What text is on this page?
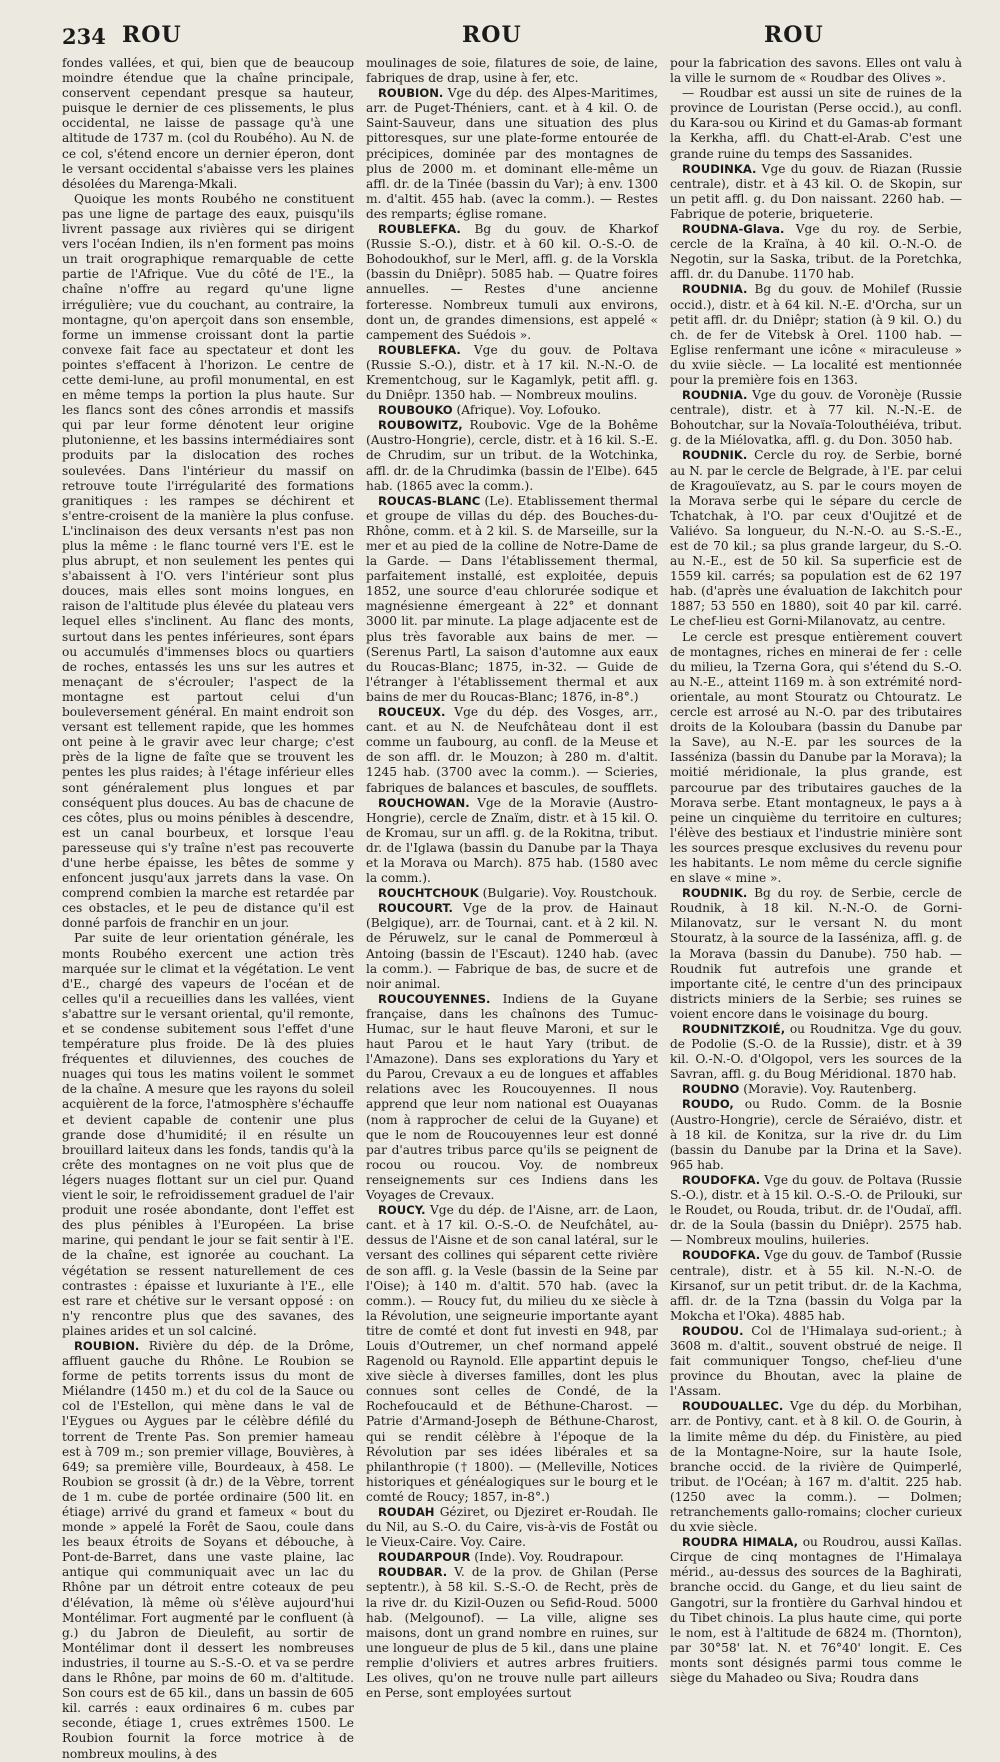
234 ROU	ROU	ROU

fondes vallées, et qui, bien que de beaucoup moindre étendue que la chaîne principale, conservent cependant presque sa hauteur, puisque le dernier de ces plissements, le plus occidental, ne laisse de passage qu'à une altitude de 1737 m. (col du Roubého). Au N. de ce col, s'étend encore un dernier éperon, dont le versant occidental s'abaisse vers les plaines désolées du Marenga-Mkali.

Quoique les monts Roubého ne constituent pas une ligne de partage des eaux, puisqu'ils livrent passage aux rivières qui se dirigent vers l'océan Indien, ils n'en forment pas moins un trait orographique remarquable de cette partie de l'Afrique. Vue du côté de l'E., la chaîne n'offre au regard qu'une ligne irrégulière; vue du couchant, au contraire, la montagne, qu'on aperçoit dans son ensemble, forme un immense croissant dont la partie convexe fait face au spectateur et dont les pointes s'effacent à l'horizon. Le centre de cette demi-lune, au profil monumental, en est en même temps la portion la plus haute. Sur les flancs sont des cônes arrondis et massifs qui par leur forme dénotent leur origine plutonienne, et les bassins intermédiaires sont produits par la dislocation des roches soulevées. Dans l'intérieur du massif on retrouve toute l'irrégularité des formations granitiques : les rampes se déchirent et s'entre-croisent de la manière la plus confuse. L'inclinaison des deux versants n'est pas non plus la même : le flanc tourné vers l'E. est le plus abrupt, et non seulement les pentes qui s'abaissent à l'O. vers l'intérieur sont plus douces, mais elles sont moins longues, en raison de l'altitude plus élevée du plateau vers lequel elles s'inclinent. Au flanc des monts, surtout dans les pentes inférieures, sont épars ou accumulés d'immenses blocs ou quartiers de roches, entassés les uns sur les autres et menaçant de s'écrouler; l'aspect de la montagne est partout celui d'un bouleversement général. En maint endroit son versant est tellement rapide, que les hommes ont peine à le gravir avec leur charge; c'est près de la ligne de faîte que se trouvent les pentes les plus raides; à l'étage inférieur elles sont généralement plus longues et par conséquent plus douces. Au bas de chacune de ces côtes, plus ou moins pénibles à descendre, est un canal bourbeux, et lorsque l'eau paresseuse qui s'y traîne n'est pas recouverte d'une herbe épaisse, les bêtes de somme y enfoncent jusqu'aux jarrets dans la vase. On comprend combien la marche est retardée par ces obstacles, et le peu de distance qu'il est donné parfois de franchir en un jour.

Par suite de leur orientation générale, les monts Roubého exercent une action très marquée sur le climat et la végétation. Le vent d'E., chargé des vapeurs de l'océan et de celles qu'il a recueillies dans les vallées, vient s'abattre sur le versant oriental, qu'il remonte, et se condense subitement sous l'effet d'une température plus froide. De là des pluies fréquentes et diluviennes, des couches de nuages qui tous les matins voilent le sommet de la chaîne. A mesure que les rayons du soleil acquièrent de la force, l'atmosphère s'échauffe et devient capable de contenir une plus grande dose d'humidité; il en résulte un brouillard laiteux dans les fonds, tandis qu'à la crête des montagnes on ne voit plus que de légers nuages flottant sur un ciel pur. Quand vient le soir, le refroidissement graduel de l'air produit une rosée abondante, dont l'effet est des plus pénibles à l'Européen. La brise marine, qui pendant le jour se fait sentir à l'E. de la chaîne, est ignorée au couchant. La végétation se ressent naturellement de ces contrastes : épaisse et luxuriante à l'E., elle est rare et chétive sur le versant opposé : on n'y rencontre plus que des savanes, des plaines arides et un sol calciné.

ROUBION. Rivière du dép. de la Drôme, affluent gauche du Rhône. Le Roubion se forme de petits torrents issus du mont de Miélandre (1450 m.) et du col de la Sauce ou col de l'Estellon, qui mène dans le val de l'Eygues ou Aygues par le célèbre défilé du torrent de Trente Pas. Son premier hameau est à 709 m.; son premier village, Bouvières, à 649; sa première ville, Bourdeaux, à 458. Le Roubion se grossit (à dr.) de la Vèbre, torrent de 1 m. cube de portée ordinaire (500 lit. en étiage) arrivé du grand et fameux « bout du monde » appelé la Forêt de Saou, coule dans les beaux étroits de Soyans et débouche, à Pont-de-Barret, dans une vaste plaine, lac antique qui communiquait avec un lac du Rhône par un détroit entre coteaux de peu d'élévation, là même où s'élève aujourd'hui Montélimar. Fort augmenté par le confluent (à g.) du Jabron de Dieulefit, au sortir de Montélimar dont il dessert les nombreuses industries, il tourne au S.-S.-O. et va se perdre dans le Rhône, par moins de 60 m. d'altitude. Son cours est de 65 kil., dans un bassin de 605 kil. carrés : eaux ordinaires 6 m. cubes par seconde, étiage 1, crues extrêmes 1500. Le Roubion fournit la force motrice à de nombreux moulins, à des

moulinages de soie, filatures de soie, de laine, fabriques de drap, usine à fer, etc.

ROUBION. Vge du dép. des Alpes-Maritimes, arr. de Puget-Théniers, cant. et à 4 kil. O. de Saint-Sauveur, dans une situation des plus pittoresques, sur une plate-forme entourée de précipices, dominée par des montagnes de plus de 2000 m. et dominant elle-même un affl. dr. de la Tinée (bassin du Var); à env. 1300 m. d'altit. 455 hab. (avec la comm.). — Restes des remparts; église romane.

ROUBLEFKA. Bg du gouv. de Kharkof (Russie S.-O.), distr. et à 60 kil. O.-S.-O. de Bohodoukhof, sur le Merl, affl. g. de la Vorskla (bassin du Dniêpr). 5085 hab. — Quatre foires annuelles. — Restes d'une ancienne forteresse. Nombreux tumuli aux environs, dont un, de grandes dimensions, est appelé « campement des Suédois ».

ROUBLEFKA. Vge du gouv. de Poltava (Russie S.-O.), distr. et à 17 kil. N.-N.-O. de Krementchoug, sur le Kagamlyk, petit affl. g. du Dniêpr. 1350 hab. — Nombreux moulins.

ROUBOUKO (Afrique). Voy. Lofouko.

ROUBOWITZ, Roubovic. Vge de la Bohême (Austro-Hongrie), cercle, distr. et à 16 kil. S.-E. de Chrudim, sur un tribut. de la Wotchinka, affl. dr. de la Chrudimka (bassin de l'Elbe). 645 hab. (1865 avec la comm.).

ROUCAS-BLANC (Le). Etablissement thermal et groupe de villas du dép. des Bouches-du-Rhône, comm. et à 2 kil. S. de Marseille, sur la mer et au pied de la colline de Notre-Dame de la Garde. — Dans l'établissement thermal, parfaitement installé, est exploitée, depuis 1852, une source d'eau chlorurée sodique et magnésienne émergeant à 22° et donnant 3000 lit. par minute. La plage adjacente est de plus très favorable aux bains de mer. — (Serenus Partl, La saison d'automne aux eaux du Roucas-Blanc; 1875, in-32. — Guide de l'étranger à l'établissement thermal et aux bains de mer du Roucas-Blanc; 1876, in-8°.)

ROUCEUX. Vge du dép. des Vosges, arr., cant. et au N. de Neufchâteau dont il est comme un faubourg, au confl. de la Meuse et de son affl. dr. le Mouzon; à 280 m. d'altit. 1245 hab. (3700 avec la comm.). — Scieries, fabriques de balances et bascules, de soufflets.

ROUCHOWAN. Vge de la Moravie (Austro-Hongrie), cercle de Znaïm, distr. et à 15 kil. O. de Kromau, sur un affl. g. de la Rokitna, tribut. dr. de l'Iglawa (bassin du Danube par la Thaya et la Morava ou March). 875 hab. (1580 avec la comm.).

ROUCHTCHOUK (Bulgarie). Voy. Roustchouk.

ROUCOURT. Vge de la prov. de Hainaut (Belgique), arr. de Tournai, cant. et à 2 kil. N. de Péruwelz, sur le canal de Pommerœul à Antoing (bassin de l'Escaut). 1240 hab. (avec la comm.). — Fabrique de bas, de sucre et de noir animal.

ROUCOUYENNES. Indiens de la Guyane française, dans les chaînons des Tumuc-Humac, sur le haut fleuve Maroni, et sur le haut Parou et le haut Yary (tribut. de l'Amazone). Dans ses explorations du Yary et du Parou, Crevaux a eu de longues et affables relations avec les Roucouyennes. Il nous apprend que leur nom national est Ouayanas (nom à rapprocher de celui de la Guyane) et que le nom de Roucouyennes leur est donné par d'autres tribus parce qu'ils se peignent de rocou ou roucou. Voy. de nombreux renseignements sur ces Indiens dans les Voyages de Crevaux.

ROUCY. Vge du dép. de l'Aisne, arr. de Laon, cant. et à 17 kil. O.-S.-O. de Neufchâtel, au-dessus de l'Aisne et de son canal latéral, sur le versant des collines qui séparent cette rivière de son affl. g. la Vesle (bassin de la Seine par l'Oise); à 140 m. d'altit. 570 hab. (avec la comm.). — Roucy fut, du milieu du xe siècle à la Révolution, une seigneurie importante ayant titre de comté et dont fut investi en 948, par Louis d'Outremer, un chef normand appelé Ragenold ou Raynold. Elle appartint depuis le xive siècle à diverses familles, dont les plus connues sont celles de Condé, de la Rochefoucauld et de Béthune-Charost. — Patrie d'Armand-Joseph de Béthune-Charost, qui se rendit célèbre à l'époque de la Révolution par ses idées libérales et sa philanthropie († 1800). — (Melleville, Notices historiques et généalogiques sur le bourg et le comté de Roucy; 1857, in-8°.)

ROUDAH Géziret, ou Djeziret er-Roudah. Ile du Nil, au S.-O. du Caire, vis-à-vis de Fostât ou le Vieux-Caire. Voy. Caire.

ROUDARPOUR (Inde). Voy. Roudrapour.

ROUDBAR. V. de la prov. de Ghilan (Perse septentr.), à 58 kil. S.-S.-O. de Recht, près de la rive dr. du Kizil-Ouzen ou Sefid-Roud. 5000 hab. (Melgounof). — La ville, aligne ses maisons, dont un grand nombre en ruines, sur une longueur de plus de 5 kil., dans une plaine remplie d'oliviers et autres arbres fruitiers. Les olives, qu'on ne trouve nulle part ailleurs en Perse, sont employées surtout

pour la fabrication des savons. Elles ont valu à la ville le surnom de « Roudbar des Olives ».

— Roudbar est aussi un site de ruines de la province de Louristan (Perse occid.), au confl. du Kara-sou ou Kirind et du Gamas-ab formant la Kerkha, affl. du Chatt-el-Arab. C'est une grande ruine du temps des Sassanides.

ROUDINKA. Vge du gouv. de Riazan (Russie centrale), distr. et à 43 kil. O. de Skopin, sur un petit affl. g. du Don naissant. 2260 hab. — Fabrique de poterie, briqueterie.

ROUDNA-Glava. Vge du roy. de Serbie, cercle de la Kraïna, à 40 kil. O.-N.-O. de Negotin, sur la Saska, tribut. de la Poretchka, affl. dr. du Danube. 1170 hab.

ROUDNIA. Bg du gouv. de Mohilef (Russie occid.), distr. et à 64 kil. N.-E. d'Orcha, sur un petit affl. dr. du Dniêpr; station (à 9 kil. O.) du ch. de fer de Vitebsk à Orel. 1100 hab. — Eglise renfermant une icône « miraculeuse » du xviie siècle. — La localité est mentionnée pour la première fois en 1363.

ROUDNIA. Vge du gouv. de Voronèje (Russie centrale), distr. et à 77 kil. N.-N.-E. de Bohoutchar, sur la Novaïa-Tolouthéiéva, tribut. g. de la Miélovatka, affl. g. du Don. 3050 hab.

ROUDNIK. Cercle du roy. de Serbie, borné au N. par le cercle de Belgrade, à l'E. par celui de Kragouïevatz, au S. par le cours moyen de la Morava serbe qui le sépare du cercle de Tchatchak, à l'O. par ceux d'Oujitzé et de Valiévo. Sa longueur, du N.-N.-O. au S.-S.-E., est de 70 kil.; sa plus grande largeur, du S.-O. au N.-E., est de 50 kil. Sa superficie est de 1559 kil. carrés; sa population est de 62 197 hab. (d'après une évaluation de Iakchitch pour 1887; 53 550 en 1880), soit 40 par kil. carré. Le chef-lieu est Gorni-Milanovatz, au centre.

Le cercle est presque entièrement couvert de montagnes, riches en minerai de fer : celle du milieu, la Tzerna Gora, qui s'étend du S.-O. au N.-E., atteint 1169 m. à son extrémité nord-orientale, au mont Stouratz ou Chtouratz. Le cercle est arrosé au N.-O. par des tributaires droits de la Koloubara (bassin du Danube par la Save), au N.-E. par les sources de la Iasséniza (bassin du Danube par la Morava); la moitié méridionale, la plus grande, est parcourue par des tributaires gauches de la Morava serbe. Etant montagneux, le pays a à peine un cinquième du territoire en cultures; l'élève des bestiaux et l'industrie minière sont les sources presque exclusives du revenu pour les habitants. Le nom même du cercle signifie en slave « mine ».

ROUDNIK. Bg du roy. de Serbie, cercle de Roudnik, à 18 kil. N.-N.-O. de Gorni-Milanovatz, sur le versant N. du mont Stouratz, à la source de la Iasséniza, affl. g. de la Morava (bassin du Danube). 750 hab. — Roudnik fut autrefois une grande et importante cité, le centre d'un des principaux districts miniers de la Serbie; ses ruines se voient encore dans le voisinage du bourg.

ROUDNITZKOIÉ, ou Roudnitza. Vge du gouv. de Podolie (S.-O. de la Russie), distr. et à 39 kil. O.-N.-O. d'Olgopol, vers les sources de la Savran, affl. g. du Boug Méridional. 1870 hab.

ROUDNO (Moravie). Voy. Rautenberg.

ROUDO, ou Rudo. Comm. de la Bosnie (Austro-Hongrie), cercle de Séraiévo, distr. et à 18 kil. de Konitza, sur la rive dr. du Lim (bassin du Danube par la Drina et la Save). 965 hab.

ROUDOFKA. Vge du gouv. de Poltava (Russie S.-O.), distr. et à 15 kil. O.-S.-O. de Prilouki, sur le Roudet, ou Rouda, tribut. dr. de l'Oudaï, affl. dr. de la Soula (bassin du Dniêpr). 2575 hab. — Nombreux moulins, huileries.

ROUDOFKA. Vge du gouv. de Tambof (Russie centrale), distr. et à 55 kil. N.-N.-O. de Kirsanof, sur un petit tribut. dr. de la Kachma, affl. dr. de la Tzna (bassin du Volga par la Mokcha et l'Oka). 4885 hab.

ROUDOU. Col de l'Himalaya sud-orient.; à 3608 m. d'altit., souvent obstrué de neige. Il fait communiquer Tongso, chef-lieu d'une province du Bhoutan, avec la plaine de l'Assam.

ROUDOUALLEC. Vge du dép. du Morbihan, arr. de Pontivy, cant. et à 8 kil. O. de Gourin, à la limite même du dép. du Finistère, au pied de la Montagne-Noire, sur la haute Isole, branche occid. de la rivière de Quimperlé, tribut. de l'Océan; à 167 m. d'altit. 225 hab. (1250 avec la comm.). — Dolmen; retranchements gallo-romains; clocher curieux du xvie siècle.

ROUDRA HIMALA, ou Roudrou, aussi Kaïlas. Cirque de cinq montagnes de l'Himalaya mérid., au-dessus des sources de la Baghirati, branche occid. du Gange, et du lieu saint de Gangotri, sur la frontière du Garhval hindou et du Tibet chinois. La plus haute cime, qui porte le nom, est à l'altitude de 6824 m. (Thornton), par 30°58' lat. N. et 76°40' longit. E. Ces monts sont désignés parmi tous comme le siège du Mahadeo ou Siva; Roudra dans
